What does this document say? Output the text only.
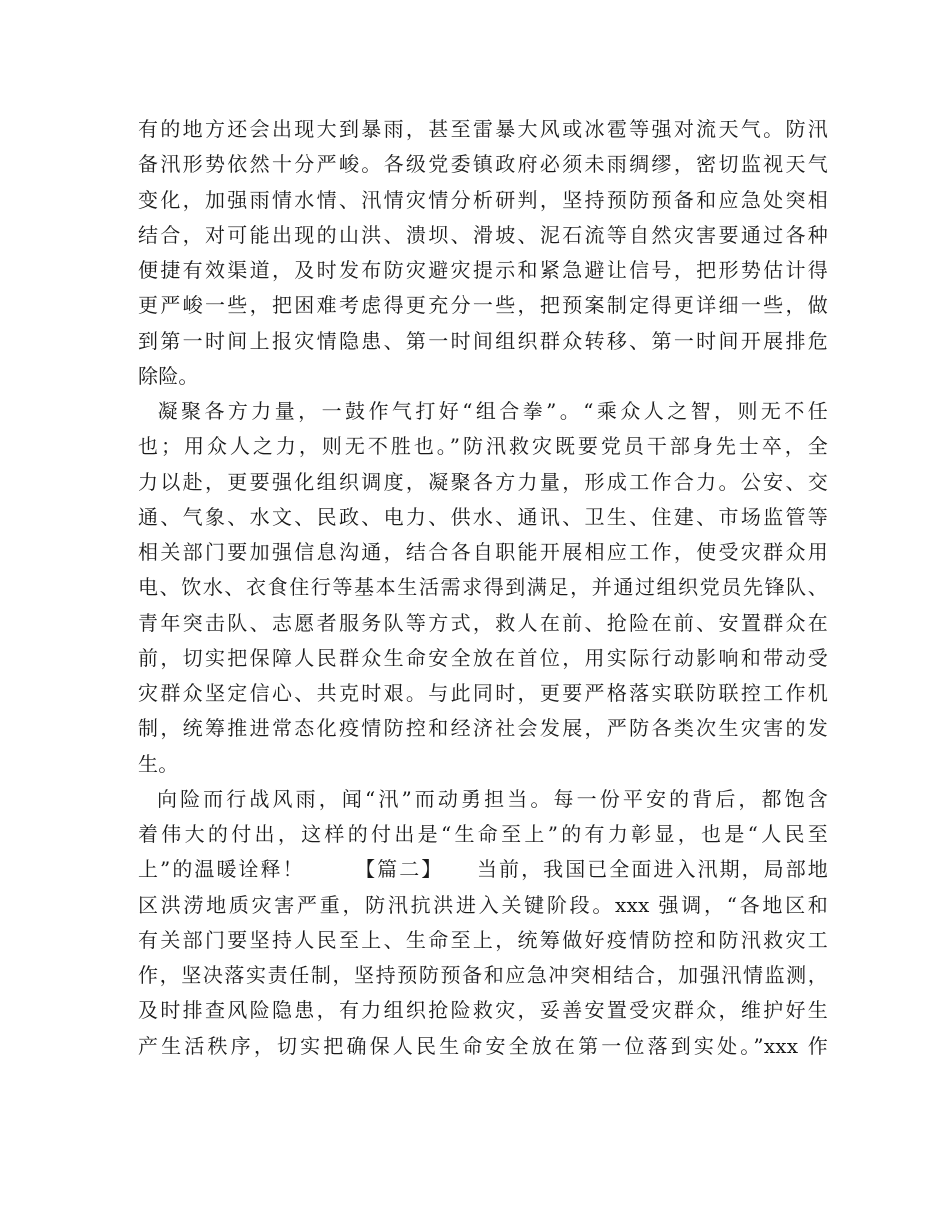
有的地方还会出现大到暴雨，甚至雷暴大风或冰雹等强对流天气。防汛
备汛形势依然十分严峻。各级党委镇政府必须未雨绸缪，密切监视天气
变化，加强雨情水情、汛情灾情分析研判，坚持预防预备和应急处突相
结合，对可能出现的山洪、溃坝、滑坡、泥石流等自然灾害要通过各种
便捷有效渠道，及时发布防灾避灾提示和紧急避让信号，把形势估计得
更严峻一些，把困难考虑得更充分一些，把预案制定得更详细一些，做
到第一时间上报灾情隐患、第一时间组织群众转移、第一时间开展排危
除险。
凝聚各方力量，一鼓作气打好“组合拳”。“乘众人之智，则无不任
也；用众人之力，则无不胜也。”防汛救灾既要党员干部身先士卒，全
力以赴，更要强化组织调度，凝聚各方力量，形成工作合力。公安、交
通、气象、水文、民政、电力、供水、通讯、卫生、住建、市场监管等
相关部门要加强信息沟通，结合各自职能开展相应工作，使受灾群众用
电、饮水、衣食住行等基本生活需求得到满足，并通过组织党员先锋队、
青年突击队、志愿者服务队等方式，救人在前、抢险在前、安置群众在
前，切实把保障人民群众生命安全放在首位，用实际行动影响和带动受
灾群众坚定信心、共克时艰。与此同时，更要严格落实联防联控工作机
制，统筹推进常态化疫情防控和经济社会发展，严防各类次生灾害的发
生。
向险而行战风雨，闻“汛”而动勇担当。每一份平安的背后，都饱含
着伟大的付出，这样的付出是“生命至上”的有力彰显，也是“人民至
上”的温暖诠释！      【篇二】    当前，我国已全面进入汛期，局部地
区洪涝地质灾害严重，防汛抗洪进入关键阶段。xxx 强调，“各地区和
有关部门要坚持人民至上、生命至上，统筹做好疫情防控和防汛救灾工
作，坚决落实责任制，坚持预防预备和应急冲突相结合，加强汛情监测，
及时排查风险隐患，有力组织抢险救灾，妥善安置受灾群众，维护好生
产生活秩序，切实把确保人民生命安全放在第一位落到实处。”xxx 作
